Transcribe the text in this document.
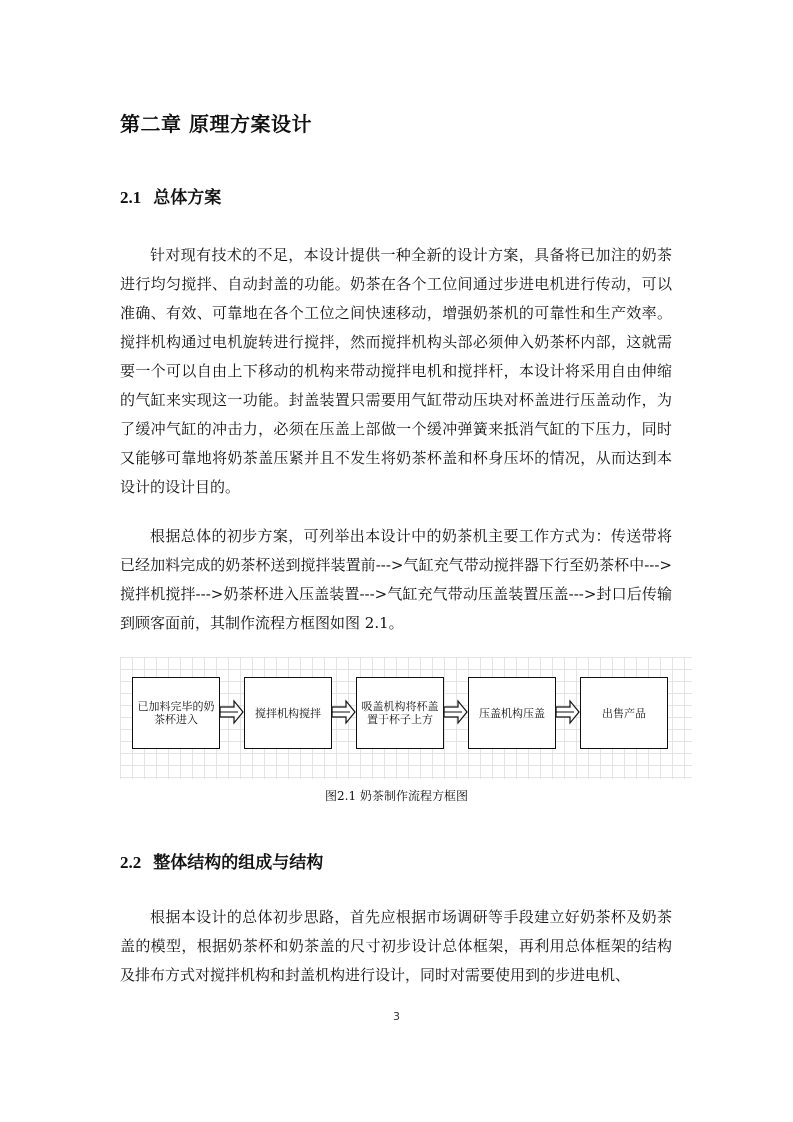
第二章 原理方案设计
2.1 总体方案

针对现有技术的不足，本设计提供一种全新的设计方案，具备将已加注的奶茶进行均匀搅拌、自动封盖的功能。奶茶在各个工位间通过步进电机进行传动，可以准确、有效、可靠地在各个工位之间快速移动，增强奶茶机的可靠性和生产效率。搅拌机构通过电机旋转进行搅拌，然而搅拌机构头部必须伸入奶茶杯内部，这就需要一个可以自由上下移动的机构来带动搅拌电机和搅拌杆，本设计将采用自由伸缩的气缸来实现这一功能。封盖装置只需要用气缸带动压块对杯盖进行压盖动作，为了缓冲气缸的冲击力，必须在压盖上部做一个缓冲弹簧来抵消气缸的下压力，同时又能够可靠地将奶茶盖压紧并且不发生将奶茶杯盖和杯身压坏的情况，从而达到本设计的设计目的。

根据总体的初步方案，可列举出本设计中的奶茶机主要工作方式为：传送带将已经加料完成的奶茶杯送到搅拌装置前--->气缸充气带动搅拌器下行至奶茶杯中--->搅拌机搅拌--->奶茶杯进入压盖装置--->气缸充气带动压盖装置压盖--->封口后传输到顾客面前，其制作流程方框图如图 2.1。

已加料完毕的奶茶杯进入	搅拌机构搅拌	吸盖机构将杯盖置于杯子上方	压盖机构压盖	出售产品

图2.1 奶茶制作流程方框图

2.2 整体结构的组成与结构

根据本设计的总体初步思路，首先应根据市场调研等手段建立好奶茶杯及奶茶盖的模型，根据奶茶杯和奶茶盖的尺寸初步设计总体框架，再利用总体框架的结构及排布方式对搅拌机构和封盖机构进行设计，同时对需要使用到的步进电机、

3
